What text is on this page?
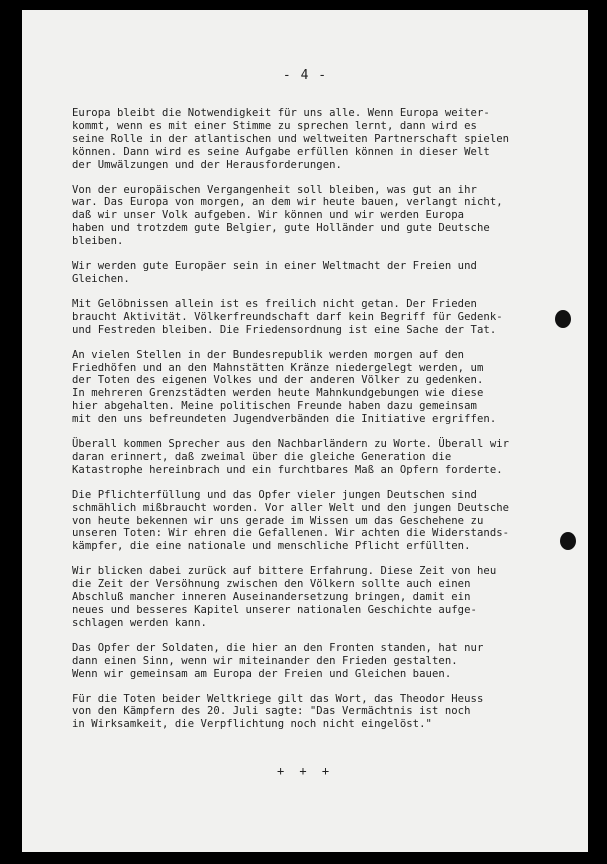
- 4 -

Europa bleibt die Notwendigkeit für uns alle. Wenn Europa weiter-
kommt, wenn es mit einer Stimme zu sprechen lernt, dann wird es
seine Rolle in der atlantischen und weltweiten Partnerschaft spielen
können. Dann wird es seine Aufgabe erfüllen können in dieser Welt
der Umwälzungen und der Herausforderungen.

Von der europäischen Vergangenheit soll bleiben, was gut an ihr
war. Das Europa von morgen, an dem wir heute bauen, verlangt nicht,
daß wir unser Volk aufgeben. Wir können und wir werden Europa
haben und trotzdem gute Belgier, gute Holländer und gute Deutsche
bleiben.

Wir werden gute Europäer sein in einer Weltmacht der Freien und
Gleichen.

Mit Gelöbnissen allein ist es freilich nicht getan. Der Frieden
braucht Aktivität. Völkerfreundschaft darf kein Begriff für Gedenk-
und Festreden bleiben. Die Friedensordnung ist eine Sache der Tat.

An vielen Stellen in der Bundesrepublik werden morgen auf den
Friedhöfen und an den Mahnstätten Kränze niedergelegt werden, um
der Toten des eigenen Volkes und der anderen Völker zu gedenken.
In mehreren Grenzstädten werden heute Mahnkundgebungen wie diese
hier abgehalten. Meine politischen Freunde haben dazu gemeinsam
mit den uns befreundeten Jugendverbänden die Initiative ergriffen.

Überall kommen Sprecher aus den Nachbarländern zu Worte. Überall wir
daran erinnert, daß zweimal über die gleiche Generation die
Katastrophe hereinbrach und ein furchtbares Maß an Opfern forderte.

Die Pflichterfüllung und das Opfer vieler jungen Deutschen sind
schmählich mißbraucht worden. Vor aller Welt und den jungen Deutsche
von heute bekennen wir uns gerade im Wissen um das Geschehene zu
unseren Toten: Wir ehren die Gefallenen. Wir achten die Widerstands-
kämpfer, die eine nationale und menschliche Pflicht erfüllten.

Wir blicken dabei zurück auf bittere Erfahrung. Diese Zeit von heu
die Zeit der Versöhnung zwischen den Völkern sollte auch einen
Abschluß mancher inneren Auseinandersetzung bringen, damit ein
neues und besseres Kapitel unserer nationalen Geschichte aufge-
schlagen werden kann.

Das Opfer der Soldaten, die hier an den Fronten standen, hat nur
dann einen Sinn, wenn wir miteinander den Frieden gestalten.
Wenn wir gemeinsam am Europa der Freien und Gleichen bauen.

Für die Toten beider Weltkriege gilt das Wort, das Theodor Heuss
von den Kämpfern des 20. Juli sagte: "Das Vermächtnis ist noch
in Wirksamkeit, die Verpflichtung noch nicht eingelöst."

+ + +
